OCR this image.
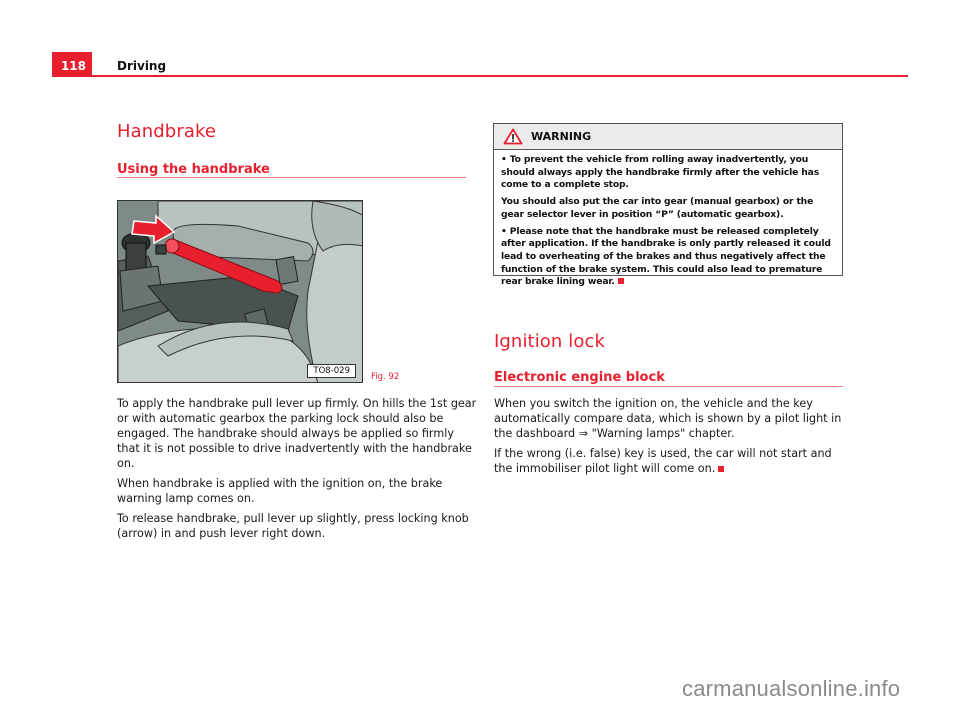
118	Driving
Handbrake
Using the handbrake
TO8-029
Fig. 92

To apply the handbrake pull lever up firmly. On hills the 1st gear or with automatic gearbox the parking lock should also be engaged. The handbrake should always be applied so firmly that it is not possible to drive inadvertently with the handbrake on.

When handbrake is applied with the ignition on, the brake warning lamp comes on.

To release handbrake, pull lever up slightly, press locking knob (arrow) in and push lever right down.

WARNING

• To prevent the vehicle from rolling away inadvertently, you should always apply the handbrake firmly after the vehicle has come to a complete stop.

You should also put the car into gear (manual gearbox) or the gear selector lever in position “P” (automatic gearbox).

• Please note that the handbrake must be released completely after application. If the handbrake is only partly released it could lead to overheating of the brakes and thus negatively affect the function of the brake system. This could also lead to premature rear brake lining wear.

Ignition lock
Electronic engine block

When you switch the ignition on, the vehicle and the key automatically compare data, which is shown by a pilot light in the dashboard ⇒ "Warning lamps" chapter.

If the wrong (i.e. false) key is used, the car will not start and the immobiliser pilot light will come on.

carmanualsonline.info
